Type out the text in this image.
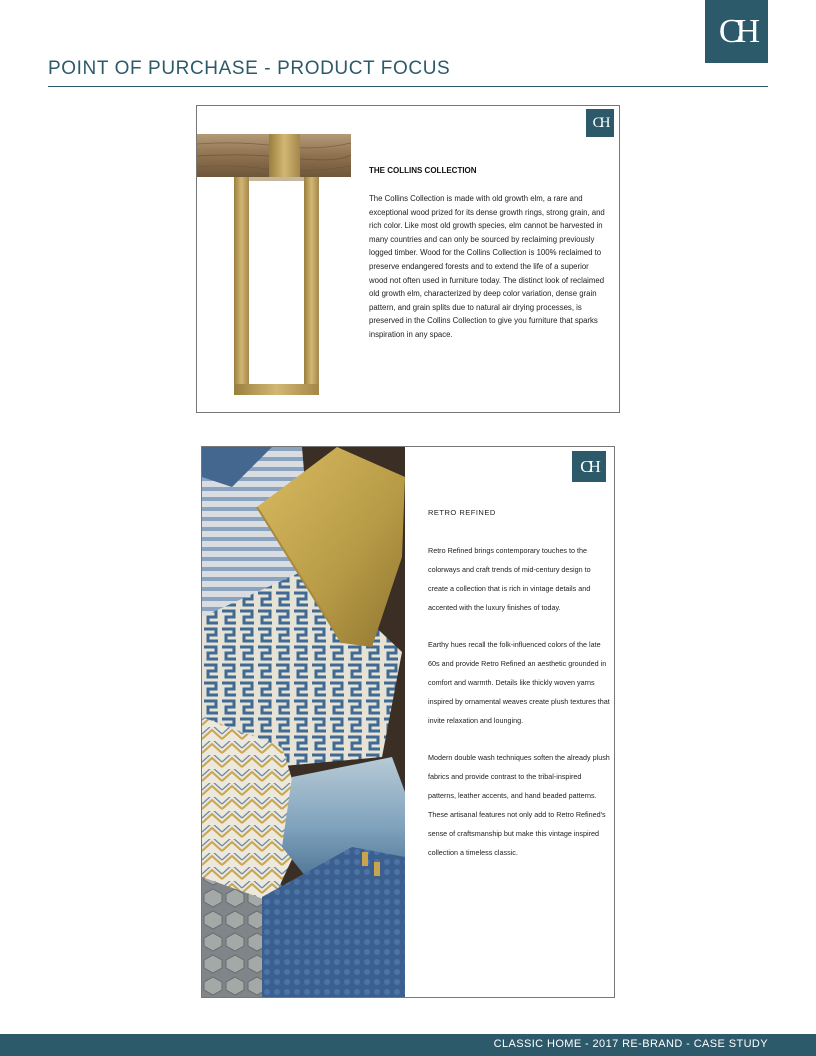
CH
POINT OF PURCHASE - PRODUCT FOCUS
CH
THE COLLINS COLLECTION

The Collins Collection is made with old growth elm, a rare and exceptional wood prized for its dense growth rings, strong grain, and rich color. Like most old growth species, elm cannot be harvested in many countries and can only be sourced by reclaiming previously logged timber. Wood for the Collins Collection is 100% reclaimed to preserve endangered forests and to extend the life of a superior wood not often used in furniture today. The distinct look of reclaimed old growth elm, characterized by deep color variation, dense grain pattern, and grain splits due to natural air drying processes, is preserved in the Collins Collection to give you furniture that sparks inspiration in any space.

CH
RETRO REFINED

Retro Refined brings contemporary touches to the colorways and craft trends of mid-century design to create a collection that is rich in vintage details and accented with the luxury finishes of today.

Earthy hues recall the folk-influenced colors of the late 60s and provide Retro Refined an aesthetic grounded in comfort and warmth. Details like thickly woven yarns inspired by ornamental weaves create plush textures that invite relaxation and lounging.

Modern double wash techniques soften the already plush fabrics and provide contrast to the tribal-inspired patterns, leather accents, and hand beaded patterns. These artisanal features not only add to Retro Refined's sense of craftsmanship but make this vintage inspired collection a timeless classic.

CLASSIC HOME - 2017 RE-BRAND - CASE STUDY
